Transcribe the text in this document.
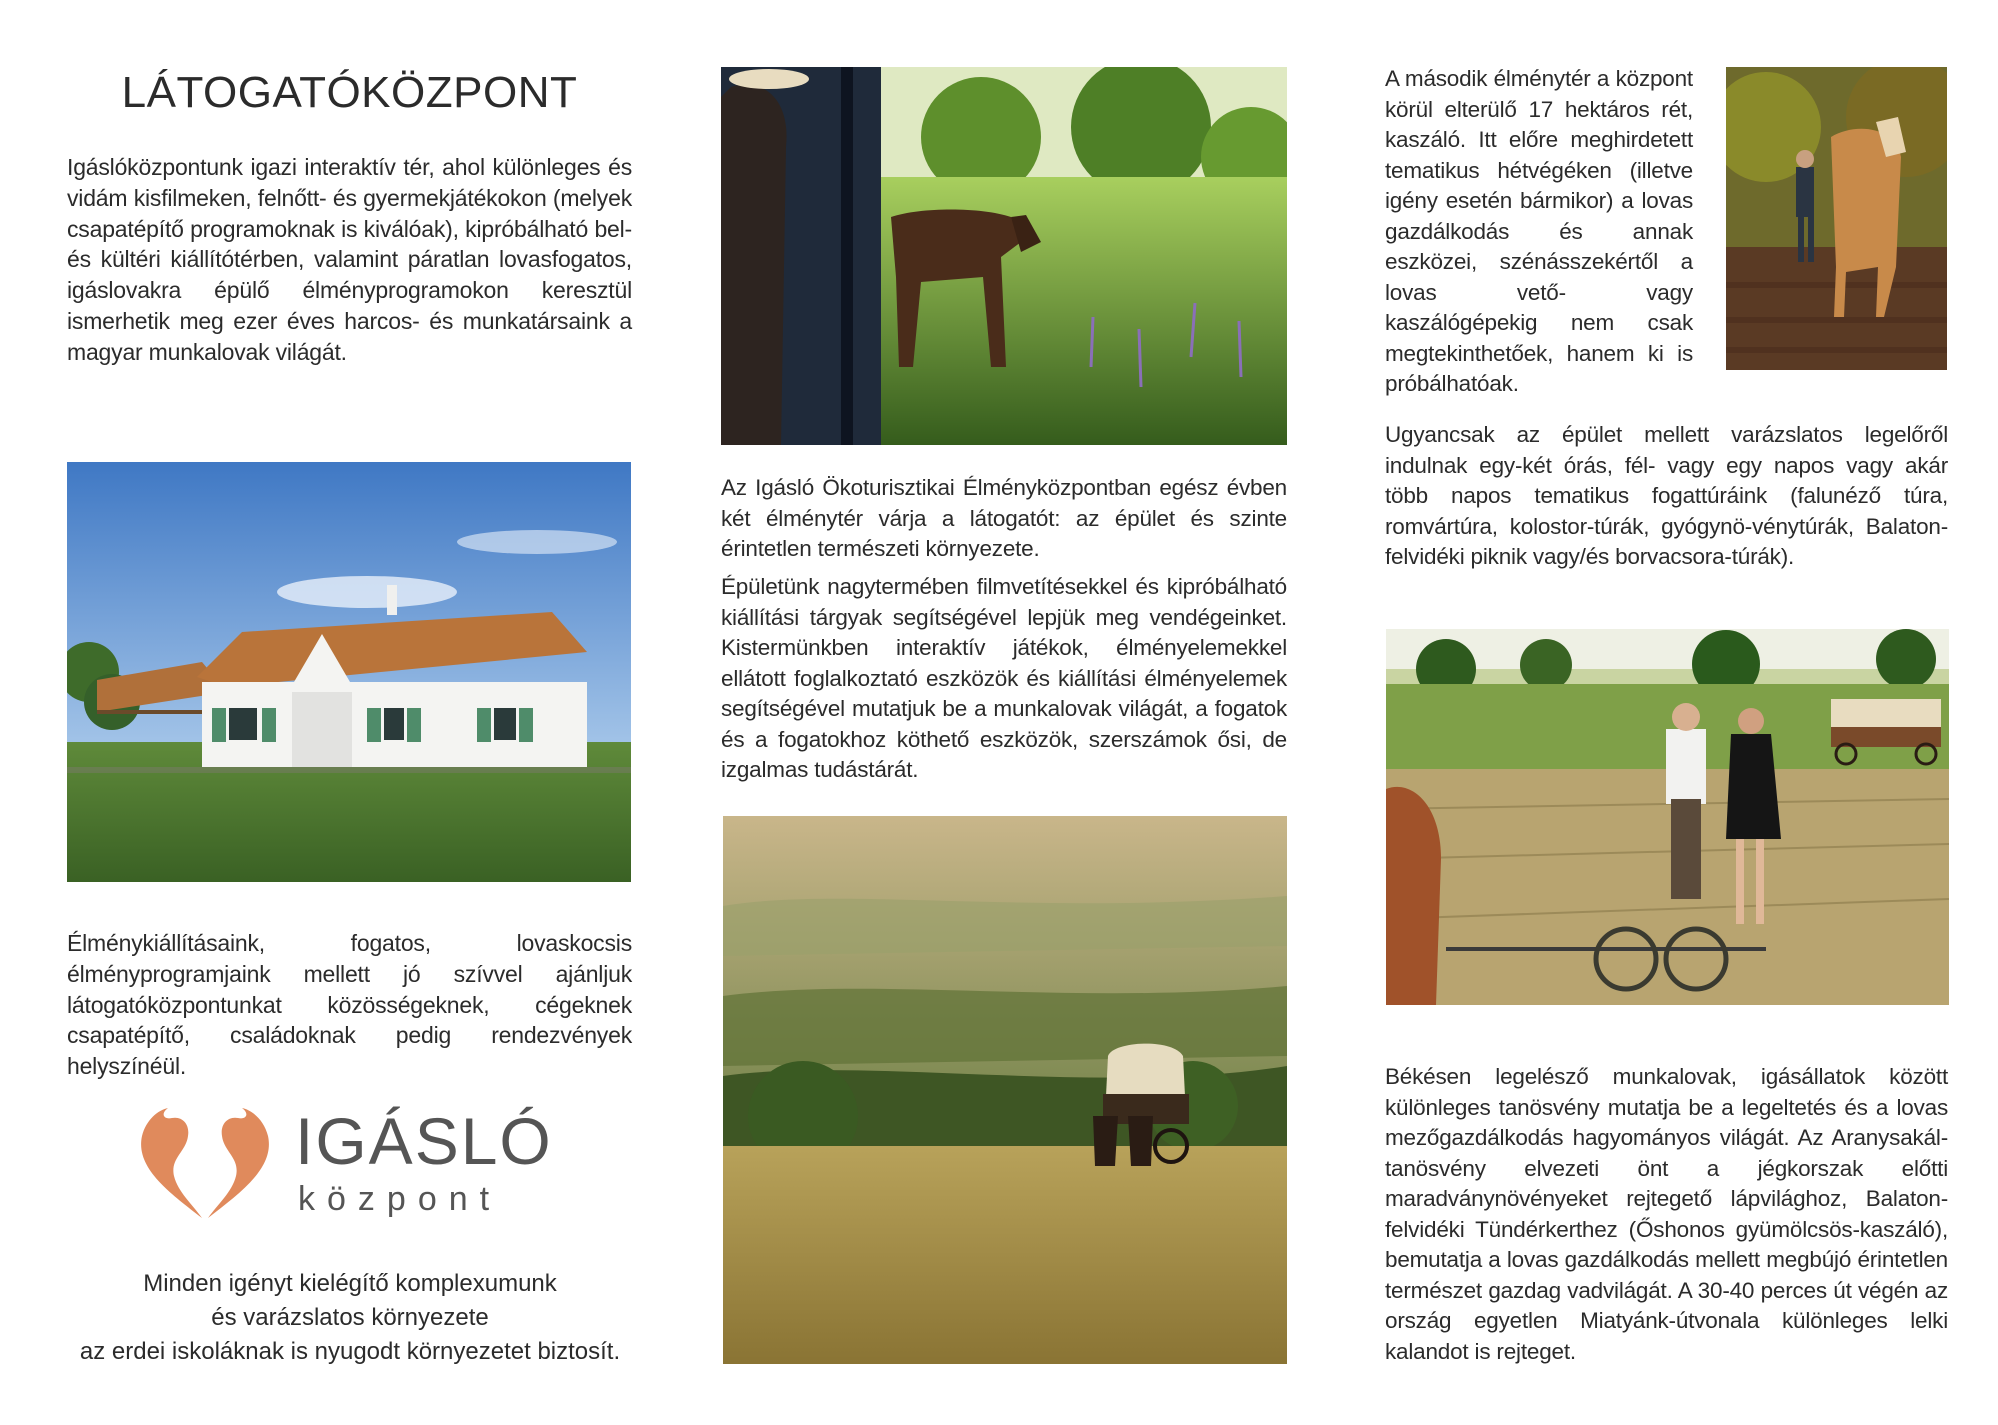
LÁTOGATÓKÖZPONT

Igáslóközpontunk igazi interaktív tér, ahol különleges és vidám kisfilmeken, felnőtt- és gyermekjátékokon (melyek csapatépítő programoknak is kiválóak), kipróbálható bel- és kültéri kiállítótérben, valamint páratlan lovasfogatos, igáslovakra épülő élményprogramokon keresztül ismerhetik meg ezer éves harcos- és munkatársaink a magyar munkalovak világát.

Élménykiállításaink, fogatos, lovaskocsis élményprogramjaink mellett jó szívvel ajánljuk látogatóközpontunkat közösségeknek, cégeknek csapatépítő, családoknak pedig rendezvények helyszínéül.

IGÁSLÓ
központ
Minden igényt kielégítő komplexumunk
és varázslatos környezete
az erdei iskoláknak is nyugodt környezetet biztosít.

Az Igásló Ökoturisztikai Élményközpontban egész évben két élménytér várja a látogatót: az épület és szinte érintetlen természeti környezete.

Épületünk nagytermében filmvetítésekkel és kipróbálható kiállítási tárgyak segítségével lepjük meg vendégeinket. Kistermünkben interaktív játékok, élményelemekkel ellátott foglalkoztató eszközök és kiállítási élményelemek segítségével mutatjuk be a munkalovak világát, a fogatok és a fogatokhoz köthető eszközök, szerszámok ősi, de izgalmas tudástárát.

A második élménytér a központ körül elterülő 17 hektáros rét, kaszáló. Itt előre meghirdetett tematikus hétvégéken (illetve igény esetén bármikor) a lovas gazdálkodás és annak eszközei, szénásszekértől a lovas vető- vagy kaszálógépekig nem csak megtekinthetőek, hanem ki is próbálhatóak.

Ugyancsak az épület mellett varázslatos legelőről indulnak egy-két órás, fél- vagy egy napos vagy akár több napos tematikus fogattúráink (falunéző túra, romvártúra, kolostor-túrák, gyógynö-vénytúrák, Balaton-felvidéki piknik vagy/és borvacsora-túrák).

Békésen legelésző munkalovak, igásállatok között különleges tanösvény mutatja be a legeltetés és a lovas mezőgazdálkodás hagyományos világát. Az Aranysakál-tanösvény elvezeti önt a jégkorszak előtti maradványnövényeket rejtegető lápvilághoz, Balaton-felvidéki Tündérkerthez (Őshonos gyümölcsös-kaszáló), bemutatja a lovas gazdálkodás mellett megbújó érintetlen természet gazdag vadvilágát. A 30-40 perces út végén az ország egyetlen Miatyánk-útvonala különleges lelki kalandot is rejteget.
